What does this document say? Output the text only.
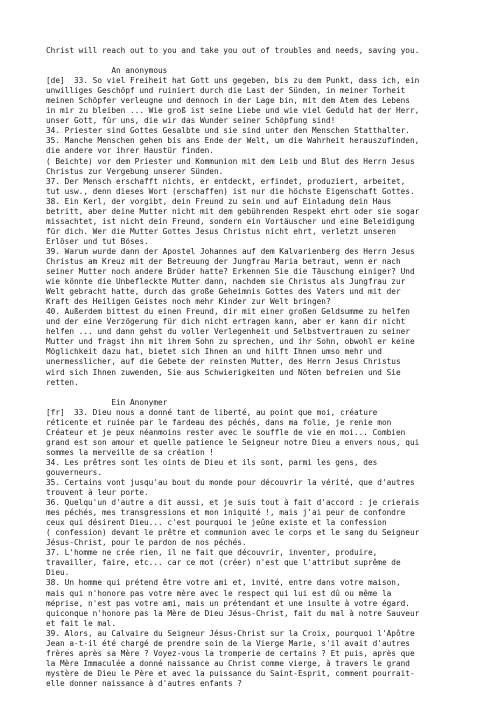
Christ will reach out to you and take you out of troubles and needs, saving you.
An anonymous
[de]  33. So viel Freiheit hat Gott uns gegeben, bis zu dem Punkt, dass ich, ein
unwilliges Geschöpf und ruiniert durch die Last der Sünden, in meiner Torheit
meinen Schöpfer verleugne und dennoch in der Lage bin, mit dem Atem des Lebens
in mir zu bleiben ... Wie groß ist seine Liebe und wie viel Geduld hat der Herr,
unser Gott, für uns, die wir das Wunder seiner Schöpfung sind!
34. Priester sind Gottes Gesalbte und sie sind unter den Menschen Statthalter.
35. Manche Menschen gehen bis ans Ende der Welt, um die Wahrheit herauszufinden,
die andere vor ihrer Haustür finden.
( Beichte) vor dem Priester und Kommunion mit dem Leib und Blut des Herrn Jesus
Christus zur Vergebung unserer Sünden.
37. Der Mensch erschafft nichts, er entdeckt, erfindet, produziert, arbeitet,
tut usw., denn dieses Wort (erschaffen) ist nur die höchste Eigenschaft Gottes.
38. Ein Kerl, der vorgibt, dein Freund zu sein und auf Einladung dein Haus
betritt, aber deine Mutter nicht mit dem gebührenden Respekt ehrt oder sie sogar
missachtet, ist nicht dein Freund, sondern ein Vortäuscher und eine Beleidigung
für dich. Wer die Mutter Gottes Jesus Christus nicht ehrt, verletzt unseren
Erlöser und tut Böses.
39. Warum wurde dann der Apostel Johannes auf dem Kalvarienberg des Herrn Jesus
Christus am Kreuz mit der Betreuung der Jungfrau Maria betraut, wenn er nach
seiner Mutter noch andere Brüder hatte? Erkennen Sie die Täuschung einiger? Und
wie könnte die Unbefleckte Mutter dann, nachdem sie Christus als Jungfrau zur
Welt gebracht hatte, durch das große Geheimnis Gottes des Vaters und mit der
Kraft des Heiligen Geistes noch mehr Kinder zur Welt bringen?
40. Außerdem bittest du einen Freund, dir mit einer großen Geldsumme zu helfen
und der eine Verzögerung für dich nicht ertragen kann, aber er kann dir nicht
helfen ... und dann gehst du voller Verlegenheit und Selbstvertrauen zu seiner
Mutter und fragst ihn mit ihrem Sohn zu sprechen, und ihr Sohn, obwohl er keine
Möglichkeit dazu hat, bietet sich Ihnen an und hilft Ihnen umso mehr und
unermesslicher, auf die Gebete der reinsten Mutter, des Herrn Jesus Christus
wird sich Ihnen zuwenden, Sie aus Schwierigkeiten und Nöten befreien und Sie
retten.
Ein Anonymer
[fr]  33. Dieu nous a donné tant de liberté, au point que moi, créature
réticente et ruinée par le fardeau des péchés, dans ma folie, je renie mon
Créateur et je peux néanmoins rester avec le souffle de vie en moi... Combien
grand est son amour et quelle patience le Seigneur notre Dieu a envers nous, qui
sommes la merveille de sa création !
34. Les prêtres sont les oints de Dieu et ils sont, parmi les gens, des
gouverneurs.
35. Certains vont jusqu'au bout du monde pour découvrir la vérité, que d'autres
trouvent à leur porte.
36. Quelqu'un d'autre a dit aussi, et je suis tout à fait d'accord : je crierais
mes péchés, mes transgressions et mon iniquité !, mais j'ai peur de confondre
ceux qui désirent Dieu... c'est pourquoi le jeûne existe et la confession
( confession) devant le prêtre et communion avec le corps et le sang du Seigneur
Jésus-Christ, pour le pardon de nos péchés.
37. L'homme ne crée rien, il ne fait que découvrir, inventer, produire,
travailler, faire, etc... car ce mot (créer) n'est que l'attribut suprême de
Dieu.
38. Un homme qui prétend être votre ami et, invité, entre dans votre maison,
mais qui n'honore pas votre mère avec le respect qui lui est dû ou même la
méprise, n'est pas votre ami, mais un prétendant et une insulte à votre égard.
quiconque n'honore pas la Mère de Dieu Jésus-Christ, fait du mal à notre Sauveur
et fait le mal.
39. Alors, au Calvaire du Seigneur Jésus-Christ sur la Croix, pourquoi l'Apôtre
Jean a-t-il été chargé de prendre soin de la Vierge Marie, s'il avait d'autres
frères après sa Mère ? Voyez-vous la tromperie de certains ? Et puis, après que
la Mère Immaculée a donné naissance au Christ comme vierge, à travers le grand
mystère de Dieu le Père et avec la puissance du Saint-Esprit, comment pourrait-
elle donner naissance à d'autres enfants ?
